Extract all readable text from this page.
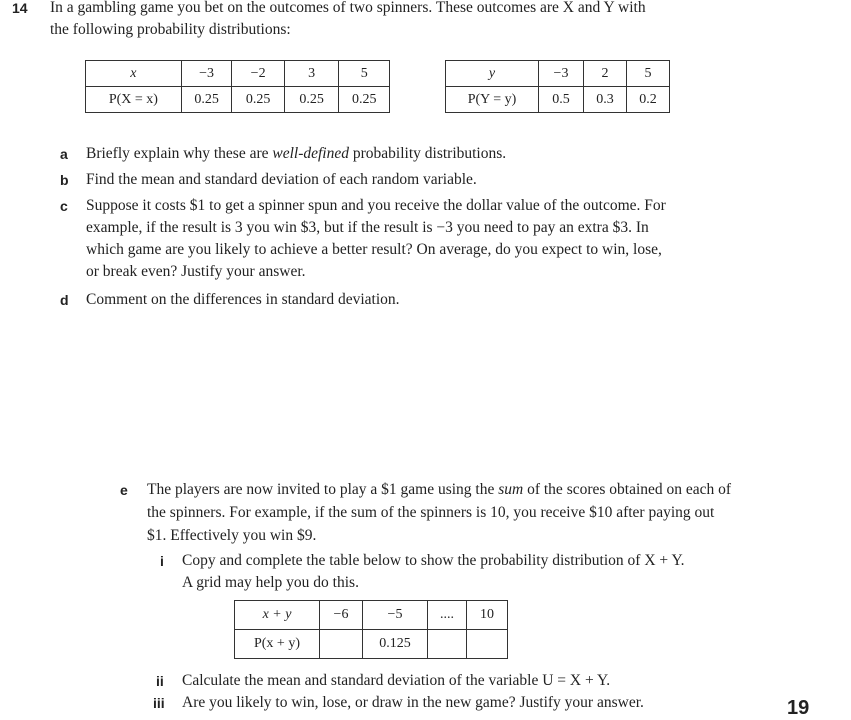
14 In a gambling game you bet on the outcomes of two spinners. These outcomes are X and Y with
the following probability distributions:
x	−3	−2	3	5
P(X = x)	0.25	0.25	0.25	0.25
y	−3	2	5
P(Y = y)	0.5	0.3	0.2
a Briefly explain why these are well-defined probability distributions.
b Find the mean and standard deviation of each random variable.
c Suppose it costs $1 to get a spinner spun and you receive the dollar value of the outcome. For
example, if the result is 3 you win $3, but if the result is −3 you need to pay an extra $3. In
which game are you likely to achieve a better result? On average, do you expect to win, lose,
or break even? Justify your answer.
d Comment on the differences in standard deviation.
e The players are now invited to play a $1 game using the sum of the scores obtained on each of
the spinners. For example, if the sum of the spinners is 10, you receive $10 after paying out
$1. Effectively you win $9.
i Copy and complete the table below to show the probability distribution of X + Y.
A grid may help you do this.
x + y	−6	−5	....	10
P(x + y)		0.125		
ii Calculate the mean and standard deviation of the variable U = X + Y.
iii Are you likely to win, lose, or draw in the new game? Justify your answer.	19
